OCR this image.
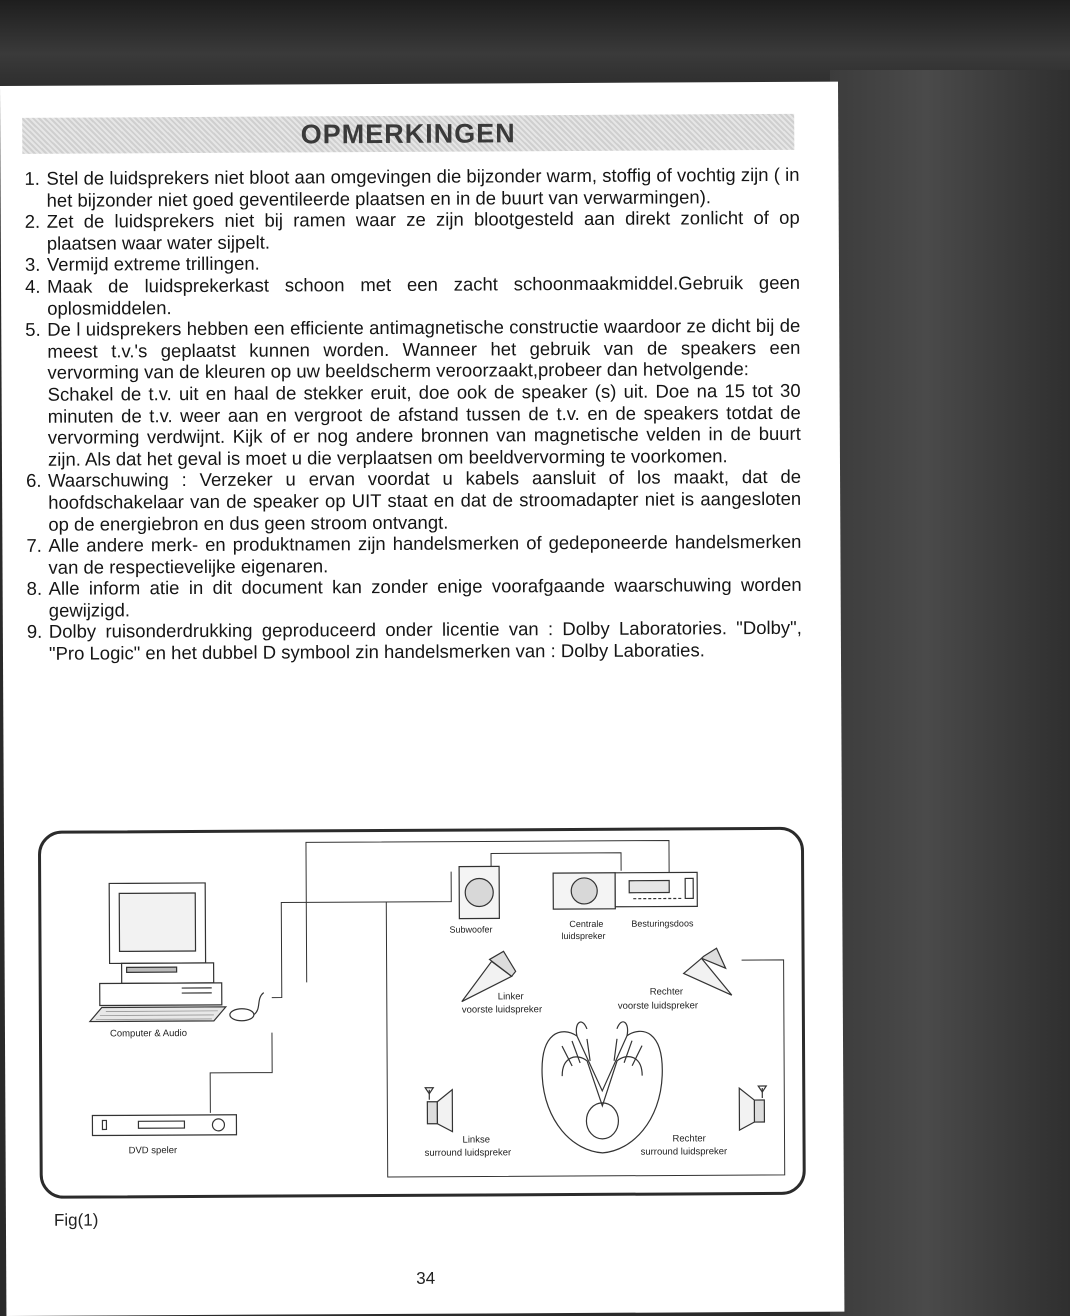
OPMERKINGEN
1. Stel de luidsprekers niet bloot aan omgevingen die bijzonder warm, stoffig of vochtig zijn ( in het bijzonder niet goed geventileerde plaatsen en in de buurt van verwarmingen).

2. Zet de luidsprekers niet bij ramen waar ze zijn blootgesteld aan direkt zonlicht of op plaatsen waar water sijpelt.

3. Vermijd extreme trillingen.

4. Maak de luidsprekerkast schoon met een zacht schoonmaakmiddel.Gebruik geen oplosmiddelen.

5. De l uidsprekers hebben een efficiente antimagnetische constructie waardoor ze dicht bij de meest t.v.'s geplaatst kunnen worden. Wanneer het gebruik van de speakers een vervorming van de kleuren op uw beeldscherm veroorzaakt,probeer dan hetvolgende:

Schakel de t.v. uit en haal de stekker eruit, doe ook de speaker (s) uit. Doe na 15 tot 30 minuten de t.v. weer aan en vergroot de afstand tussen de t.v. en de speakers totdat de vervorming verdwijnt. Kijk of er nog andere bronnen van magnetische velden in de buurt zijn. Als dat het geval is moet u die verplaatsen om beeldvervorming te voorkomen.

6. Waarschuwing : Verzeker u ervan voordat u kabels aansluit of los maakt, dat de hoofdschakelaar van de speaker op UIT staat en dat de stroomadapter niet is aangesloten op de energiebron en dus geen stroom ontvangt.

7. Alle andere merk- en produktnamen zijn handelsmerken of gedeponeerde handelsmerken van de respectievelijke eigenaren.

8. Alle inform atie in dit document kan zonder enige voorafgaande waarschuwing worden gewijzigd.

9. Dolby ruisonderdrukking geproduceerd onder licentie van : Dolby Laboratories. "Dolby", "Pro Logic" en het dubbel D symbool zin handelsmerken van : Dolby Laboraties.

Computer & Audio
DVD speler
Subwoofer
Centrale
luidspreker
Besturingsdoos
Linker
voorste luidspreker
Rechter
voorste luidspreker
Linkse
surround luidspreker
Rechter
surround luidspreker
Fig(1)
34
